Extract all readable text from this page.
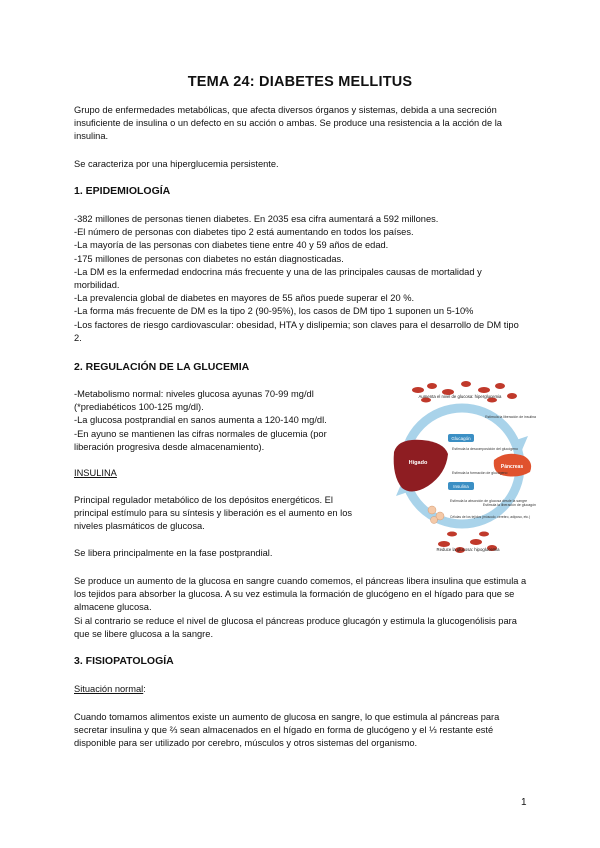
TEMA 24: DIABETES MELLITUS

Grupo de enfermedades metabólicas, que afecta diversos órganos y sistemas, debida a una secreción insuficiente de insulina o un defecto en su acción o ambas. Se produce una resistencia a la acción de la insulina.

Se caracteriza por una hiperglucemia persistente.

1. EPIDEMIOLOGÍA
-382 millones de personas tienen diabetes. En 2035 esa cifra aumentará a 592 millones.
-El número de personas con diabetes tipo 2 está aumentando en todos los países.
-La mayoría de las personas con diabetes tiene entre 40 y 59 años de edad.
-175 millones de personas con diabetes no están diagnosticadas.
-La DM es la enfermedad endocrina más frecuente y una de las principales causas de mortalidad y morbilidad.
-La prevalencia global de diabetes en mayores de 55 años puede superar el 20 %.
-La forma más frecuente de DM es la tipo 2 (90-95%), los casos de DM tipo 1 suponen un 5-10%
-Los factores de riesgo cardiovascular: obesidad, HTA y dislipemia; son claves para el desarrollo de DM tipo 2.
2. REGULACIÓN DE LA GLUCEMIA
-Metabolismo normal: niveles glucosa ayunas 70-99 mg/dl (*prediabéticos 100-125 mg/dl).
-La glucosa postprandial en sanos aumenta a 120-140 mg/dl.
-En ayuno se mantienen las cifras normales de glucemia (por liberación progresiva desde almacenamiento).

INSULINA

Principal regulador metabólico de los depósitos energéticos. El principal estímulo para su síntesis y liberación es el aumento en los niveles plasmáticos de glucosa.

Se libera principalmente en la fase postprandial.

Se produce un aumento de la glucosa en sangre cuando comemos, el páncreas libera insulina que estimula a los tejidos para absorber la glucosa. A su vez estimula la formación de glucógeno en el hígado para que se almacene glucosa.

Si al contrario se reduce el nivel de glucosa el páncreas produce glucagón y estimula la glucogenólisis para que se libere glucosa a la sangre.

Aumenta el nivel de glucosa: hiperglucemia
Reduce la glucosa: hipoglucemia
Hígado
Páncreas
Glucagón
Insulina
Estimula la descomposición del glucógeno
Estimula la formación de glucógeno
Estimula la absorción de glucosa desde la sangre
Células de los tejidos (músculo, cerebro, adiposo, etc.)
Estimula la liberación de insulina
Estimula la liberación de glucagón
3. FISIOPATOLOGÍA

Situación normal:

Cuando tomamos alimentos existe un aumento de glucosa en sangre, lo que estimula al páncreas para secretar insulina y que ⅔ sean almacenados en el hígado en forma de glucógeno y el ⅓ restante esté disponible para ser utilizado por cerebro, músculos y otros sistemas del organismo.

1
